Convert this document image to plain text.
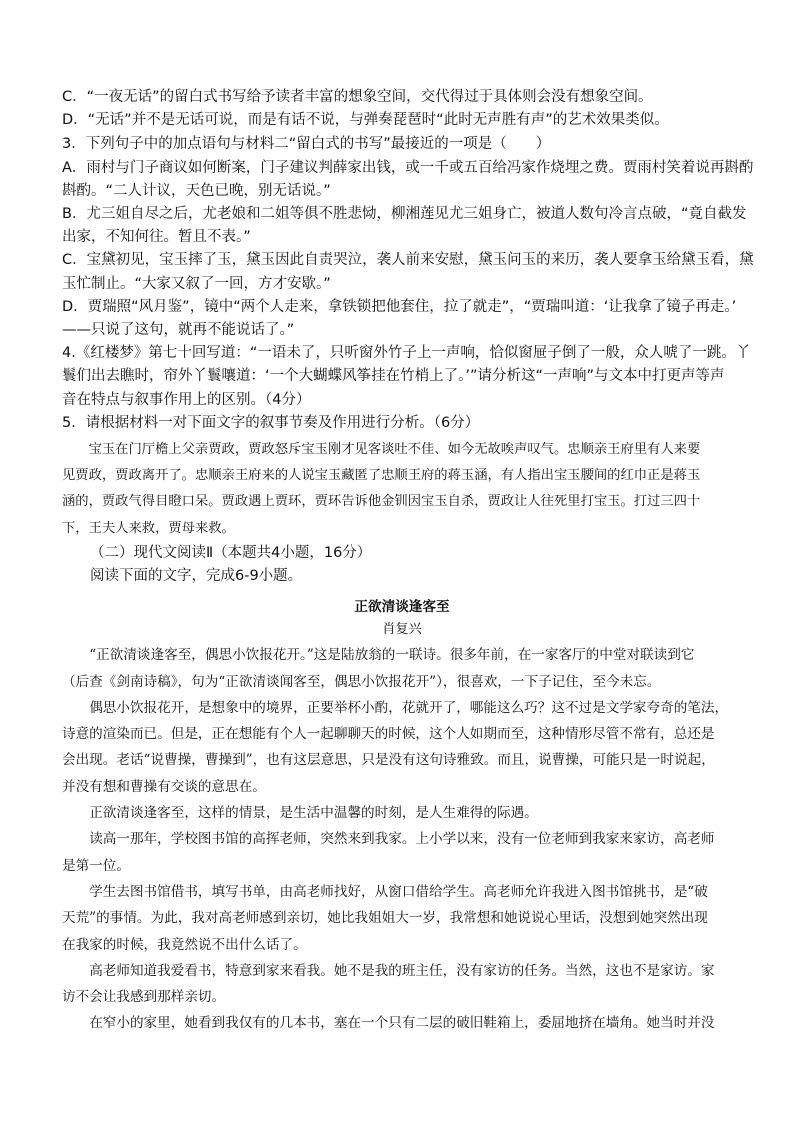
C．“一夜无话”的留白式书写给予读者丰富的想象空间，交代得过于具体则会没有想象空间。

D．“无话”并不是无话可说，而是有话不说，与弹奏琵琶时“此时无声胜有声”的艺术效果类似。

3．下列句子中的加点语句与材料二“留白式的书写”最接近的一项是（　　）

A．雨村与门子商议如何断案，门子建议判薛家出钱，或一千或五百给冯家作烧埋之费。贾雨村笑着说再斟酌

斟酌。“二人计议，天色已晚，别无话说。”

B．尤三姐自尽之后，尤老娘和二姐等俱不胜悲恸，柳湘莲见尤三姐身亡，被道人数句冷言点破，“竟自截发

出家，不知何往。暂且不表。”

C．宝黛初见，宝玉摔了玉，黛玉因此自责哭泣，袭人前来安慰，黛玉问玉的来历，袭人要拿玉给黛玉看，黛

玉忙制止。“大家又叙了一回，方才安歇。”

D．贾瑞照“风月鉴”，镜中“两个人走来，拿铁锁把他套住，拉了就走”，“贾瑞叫道：‘让我拿了镜子再走。’

——只说了这句，就再不能说话了。”

4.《红楼梦》第七十回写道：“一语未了，只听窗外竹子上一声响，恰似窗屉子倒了一般，众人唬了一跳。丫

鬟们出去瞧时，帘外丫鬟嚷道：‘一个大蝴蝶风筝挂在竹梢上了。’”请分析这“一声响”与文本中打更声等声

音在特点与叙事作用上的区别。（4分）

5．请根据材料一对下面文字的叙事节奏及作用进行分析。（6分）

宝玉在门厅檐上父亲贾政，贾政怒斥宝玉刚才见客谈吐不佳、如今无故唉声叹气。忠顺亲王府里有人来要

见贾政，贾政离开了。忠顺亲王府来的人说宝玉藏匿了忠顺王府的蒋玉涵，有人指出宝玉腰间的红巾正是蒋玉

涵的，贾政气得目瞪口呆。贾政遇上贾环，贾环告诉他金钏因宝玉自杀，贾政让人往死里打宝玉。打过三四十

下，王夫人来救，贾母来救。

（二）现代文阅读Ⅱ（本题共4小题，16分）

阅读下面的文字，完成6-9小题。

正欲清谈逢客至
肖复兴

“正欲清谈逢客至，偶思小饮报花开。”这是陆放翁的一联诗。很多年前，在一家客厅的中堂对联读到它

（后查《剑南诗稿》，句为“正欲清谈闻客至，偶思小饮报花开”），很喜欢，一下子记住，至今未忘。

偶思小饮报花开，是想象中的境界，正要举杯小酌，花就开了，哪能这么巧？这不过是文学家夸奇的笔法，

诗意的渲染而已。但是，正在想能有个人一起聊聊天的时候，这个人如期而至，这种情形尽管不常有，总还是

会出现。老话“说曹操，曹操到”，也有这层意思，只是没有这句诗雅致。而且，说曹操，可能只是一时说起，

并没有想和曹操有交谈的意思在。

正欲清谈逢客至，这样的情景，是生活中温馨的时刻，是人生难得的际遇。

读高一那年，学校图书馆的高挥老师，突然来到我家。上小学以来，没有一位老师到我家来家访，高老师

是第一位。

学生去图书馆借书，填写书单，由高老师找好，从窗口借给学生。高老师允许我进入图书馆挑书，是“破

天荒”的事情。为此，我对高老师感到亲切，她比我姐姐大一岁，我常想和她说说心里话，没想到她突然出现

在我家的时候，我竟然说不出什么话了。

高老师知道我爱看书，特意到家来看我。她不是我的班主任，没有家访的任务。当然，这也不是家访。家

访不会让我感到那样亲切。

在窄小的家里，她看到我仅有的几本书，塞在一个只有二层的破旧鞋箱上，委屈地挤在墙角。她当时并没
